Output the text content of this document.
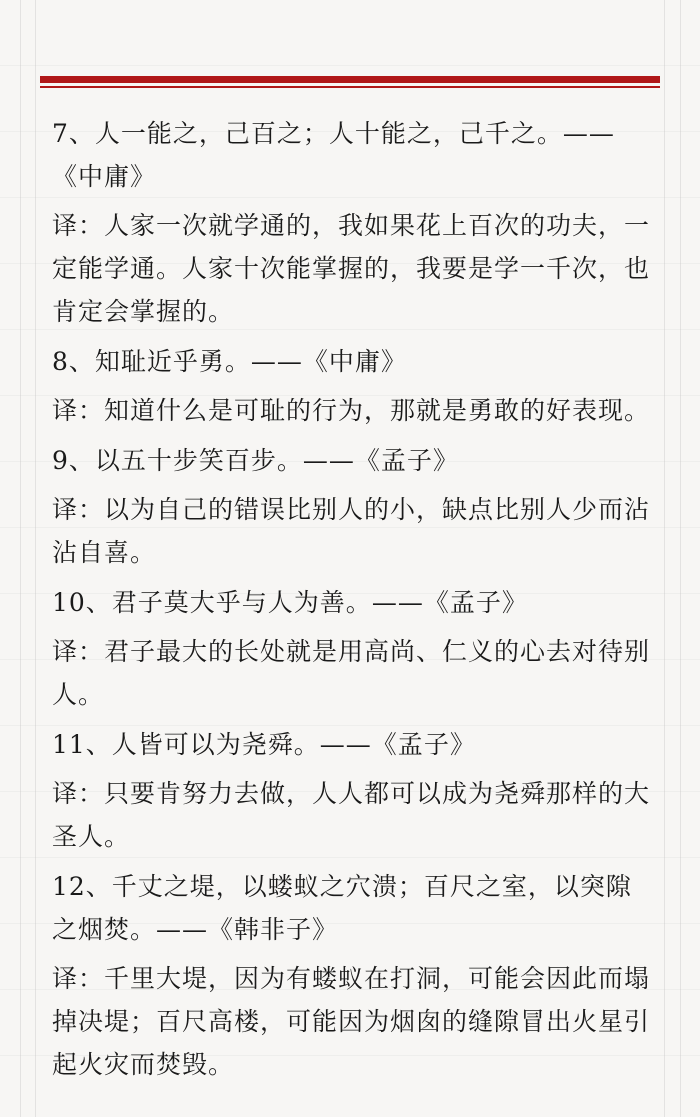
7、人一能之，己百之；人十能之，己千之。——《中庸》

译：人家一次就学通的，我如果花上百次的功夫，一定能学通。人家十次能掌握的，我要是学一千次，也肯定会掌握的。

8、知耻近乎勇。——《中庸》

译：知道什么是可耻的行为，那就是勇敢的好表现。

9、以五十步笑百步。——《孟子》

译：以为自己的错误比别人的小，缺点比别人少而沾沾自喜。

10、君子莫大乎与人为善。——《孟子》

译：君子最大的长处就是用高尚、仁义的心去对待别人。

11、人皆可以为尧舜。——《孟子》

译：只要肯努力去做，人人都可以成为尧舜那样的大圣人。

12、千丈之堤，以蝼蚁之穴溃；百尺之室，以突隙之烟焚。——《韩非子》

译：千里大堤，因为有蝼蚁在打洞，可能会因此而塌掉决堤；百尺高楼，可能因为烟囱的缝隙冒出火星引起火灾而焚毁。
